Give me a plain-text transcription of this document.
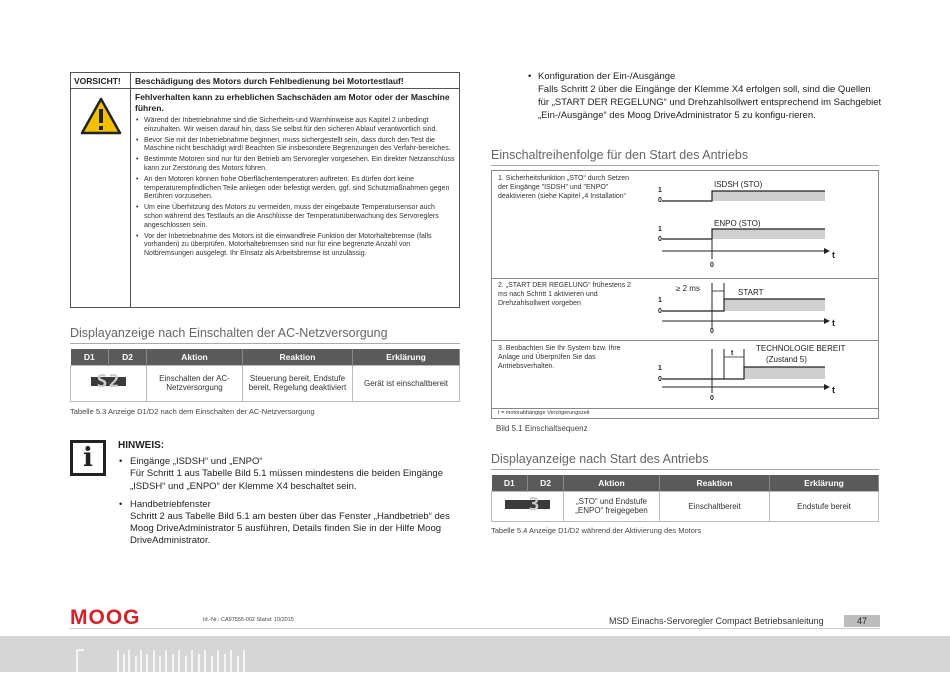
VORSICHT!	Beschädigung des Motors durch Fehlbedienung bei Motortestlauf!
Fehlverhalten kann zu erheblichen Sachschäden am Motor oder der Maschine führen.
• Wärend der Inbetriebnahme sind die Sicherheits-und Warnhinweise aus Kapitel 2 unbedingt einzuhalten. Wir weisen darauf hin, dass Sie selbst für den sicheren Ablauf verantwortlich sind.
• Bevor Sie mit der Inbetriebnahme beginnen, muss sichergestellt sein, dass durch den Test die Maschine nicht beschädigt wird! Beachten Sie insbesondere Begrenzungen des Verfahr-bereiches.
• Bestimmte Motoren sind nur für den Betrieb am Servoregler vorgesehen. Ein direkter Netzanschluss kann zur Zerstörung des Motors führen.
• An den Motoren können hohe Oberflächentemperaturen auftreten. Es dürfen dort keine temperaturempfindlichen Teile anliegen oder befestigt werden, ggf. sind Schutzmaßnahmen gegen Berühren vorzusehen.
• Um eine Überhitzung des Motors zu vermeiden, muss der eingebaute Temperatursensor auch schon während des Testlaufs an die Anschlüsse der Temperaturüberwachung des Servoreglers angeschlossen sein.
• Vor der Inbetriebnahme des Motors ist die einwandfreie Funktion der Motorhaltebremse (falls vorhanden) zu überprüfen. Motorhaltebremsen sind nur für eine begrenzte Anzahl von Notbremsungen ausgelegt. Ihr Einsatz als Arbeitsbremse ist unzulässig.
Displayanzeige nach Einschalten der AC-Netzversorgung
D1	D2	Aktion	Reaktion	Erklärung
S2		Einschalten der AC-Netzversorgung	Steuerung bereit, Endstufe bereit, Regelung deaktiviert	Gerät ist einschaltbereit
Tabelle 5.3 Anzeige D1/D2 nach dem Einschalten der AC-Netzversorgung
i	HINWEIS:
• Eingänge „ISDSH“ und „ENPO“
Für Schritt 1 aus Tabelle Bild 5.1 müssen mindestens die beiden Eingänge „ISDSH“ und „ENPO“ der Klemme X4 beschaltet sein.
• Handbetriebfenster
Schritt 2 aus Tabelle Bild 5.1 am besten über das Fenster „Handbetrieb“ des Moog DriveAdministrator 5 ausführen, Details finden Sie in der Hilfe Moog DriveAdministrator.
• Konfiguration der Ein-/Ausgänge
Falls Schritt 2 über die Eingänge der Klemme X4 erfolgen soll, sind die Quellen für „START DER REGELUNG“ und Drehzahlsollwert entsprechend im Sachgebiet „Ein-/Ausgänge“ des Moog DriveAdministrator 5 zu konfigu-rieren.
Einschaltreihenfolge für den Start des Antriebs
1. Sicherheitsfunktion „STO“ durch Setzen der Eingänge "ISDSH" und "ENPO" deaktivieren (siehe Kapitel „4 Installation“
2. „START DER REGELUNG“ frühestens 2 ms nach Schritt 1 aktivieren und Drehzahlsollwert vorgeben
3. Beobachten Sie Ihr System bzw. Ihre Anlage und Überprüfen Sie das Antriebsverhalten.
t = motorabhängige Verzögerungszeit
1
0
ISDSH (STO)
1
0
ENPO (STO)
0
t
1
0
≥ 2 ms	START
0
t
1
0
t
TECHNOLOGIE BEREIT
(Zustand 5)
0
t
Bild 5.1 Einschaltsequenz
Displayanzeige nach Start des Antriebs
D1	D2	Aktion	Reaktion	Erklärung
3		„STO“ und Endstufe „ENPO“ freigegeben	Einschaltbereit	Endstufe bereit
Tabelle 5.4 Anzeige D1/D2 während der Aktivierung des Motors
MOOG	Id.-Nr.: CA97555-002 Stand: 10/2015	MSD Einachs-Servoregler Compact Betriebsanleitung	47
